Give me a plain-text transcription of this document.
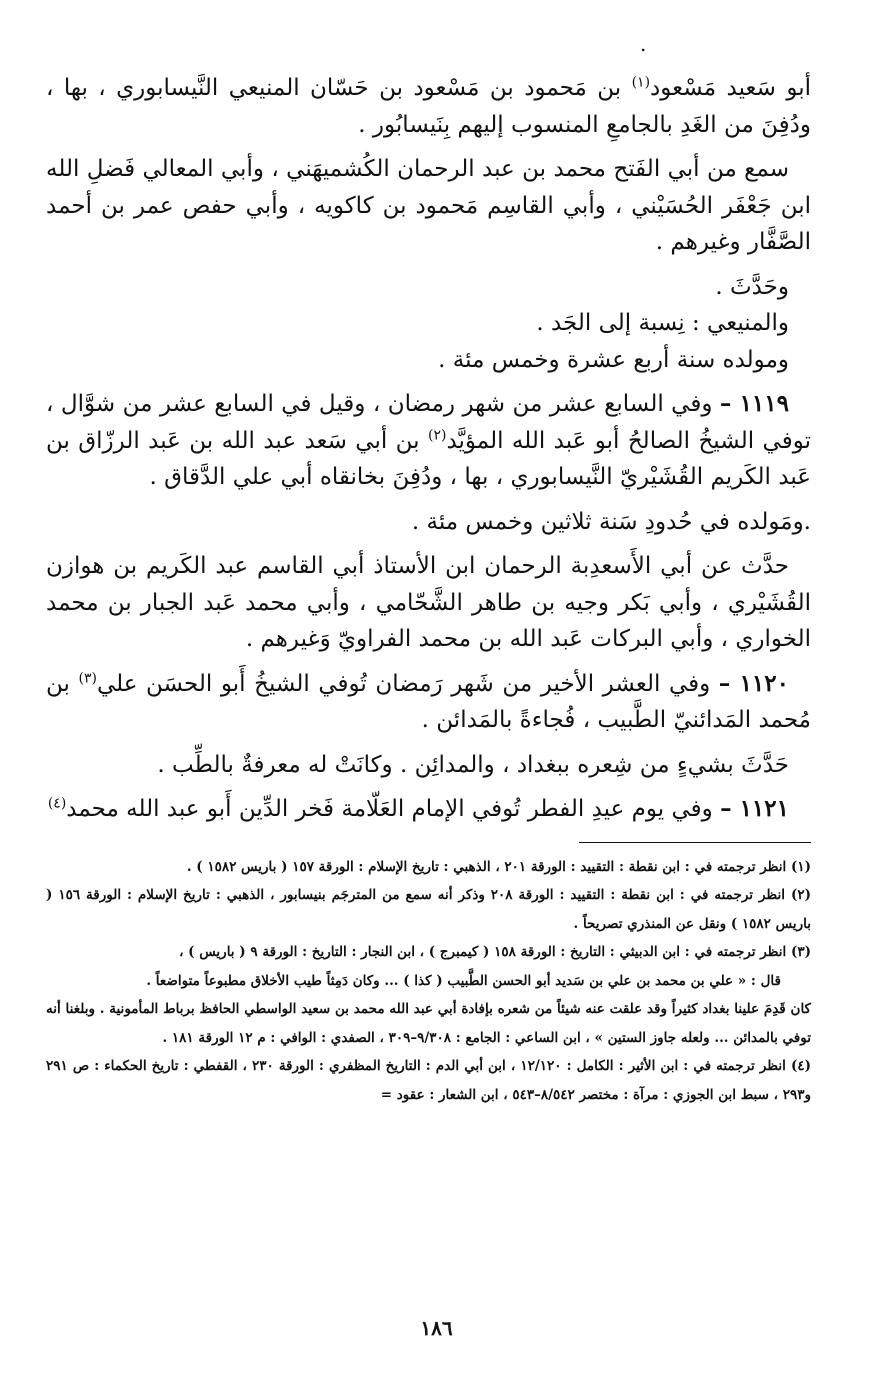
.

أبو سَعيد مَسْعود$^{(١)}$ بن مَحمود بن مَسْعود بن حَسّان المنيعي النَّيسابوري ، بها ، ودُفِنَ من الغَدِ بالجامعِ المنسوب إليهم بِنَيسابُور .

سمع من أبي الفَتح محمد بن عبد الرحمان الكُشميهَني ، وأبي المعالي فَضلِ الله ابن جَعْفَر الحُسَيْني ، وأبي القاسِم مَحمود بن كاكويه ، وأبي حفص عمر بن أحمد الصَّفَّار وغيرهم .

وحَدَّثَ .

والمنيعي : نِسبة إلى الجَد .

ومولده سنة أربع عشرة وخمس مئة .

١١١٩ – وفي السابع عشر من شهر رمضان ، وقيل في السابع عشر من شوَّال ، توفي الشيخُ الصالحُ أبو عَبد الله المؤيَّد$^{(٢)}$ بن أبي سَعد عبد الله بن عَبد الرزّاق بن عَبد الكَريم القُشَيْريّ النَّيسابوري ، بها ، ودُفِنَ بخانقاه أبي علي الدَّقاق .

.ومَولده في حُدودِ سَنة ثلاثين وخمس مئة .

حدَّث عن أبي الأَسعدِبة الرحمان ابن الأستاذ أبي القاسم عبد الكَريم بن هوازن القُشَيْري ، وأبي بَكر وجيه بن طاهر الشَّحّامي ، وأبي محمد عَبد الجبار بن محمد الخواري ، وأبي البركات عَبد الله بن محمد الفراويّ وَغيرهم .

١١٢٠ – وفي العشر الأخير من شَهر رَمضان تُوفي الشيخُ أَبو الحسَن علي$^{(٣)}$ بن مُحمد المَدائنيّ الطَّبيب ، فُجاءةً بالمَدائن .

حَدَّثَ بشيءٍ من شِعره ببغداد ، والمدائِن . وكانَتْ له معرفةٌ بالطِّب .

١١٢١ – وفي يوم عيدِ الفطر تُوفي الإمام العَلّامة فَخر الدِّين أَبو عبد الله محمد$^{(٤)}$

(١) انظر ترجمته في : ابن نقطة : التقييد : الورقة ٢٠١ ، الذهبي : تاريخ الإسلام : الورقة ١٥٧ ( باريس ١٥٨٢ ) .

(٢) انظر ترجمته في : ابن نقطة : التقييد : الورقة ٢٠٨ وذكر أنه سمع من المترجَم بنيسابور ، الذهبي : تاريخ الإسلام : الورقة ١٥٦ ( باريس ١٥٨٢ ) ونقل عن المنذري تصريحاً .

(٣) انظر ترجمته في : ابن الدبيثي : التاريخ : الورقة ١٥٨ ( كيمبرج ) ، ابن النجار : التاريخ : الورقة ٩ ( باريس ) ،

قال : « علي بن محمد بن علي بن سَديد أبو الحسن الطَّبيب ( كذا ) ... وكان دَمِثاً طيب الأخلاق مطبوعاً متواضعاً .

كان قَدِمَ علينا بغداد كثيراً وقد علقت عنه شيئاً من شعره بإفادة أبي عبد الله محمد بن سعيد الواسطي الحافظ برباط المأمونية . وبلغنا أنه توفي بالمدائن ... ولعله جاوز الستين » ، ابن الساعي : الجامع : ٩/٣٠٨–٣٠٩ ، الصفدي : الوافي : م ١٢ الورقة ١٨١ .

(٤) انظر ترجمته في : ابن الأثير : الكامل : ١٢/١٢٠ ، ابن أبي الدم : التاريخ المظفري : الورقة ٢٣٠ ، القفطي : تاريخ الحكماء : ص ٢٩١ و٢٩٣ ، سبط ابن الجوزي : مرآة : مختصر ٨/٥٤٢–٥٤٣ ، ابن الشعار : عقود =

١٨٦
